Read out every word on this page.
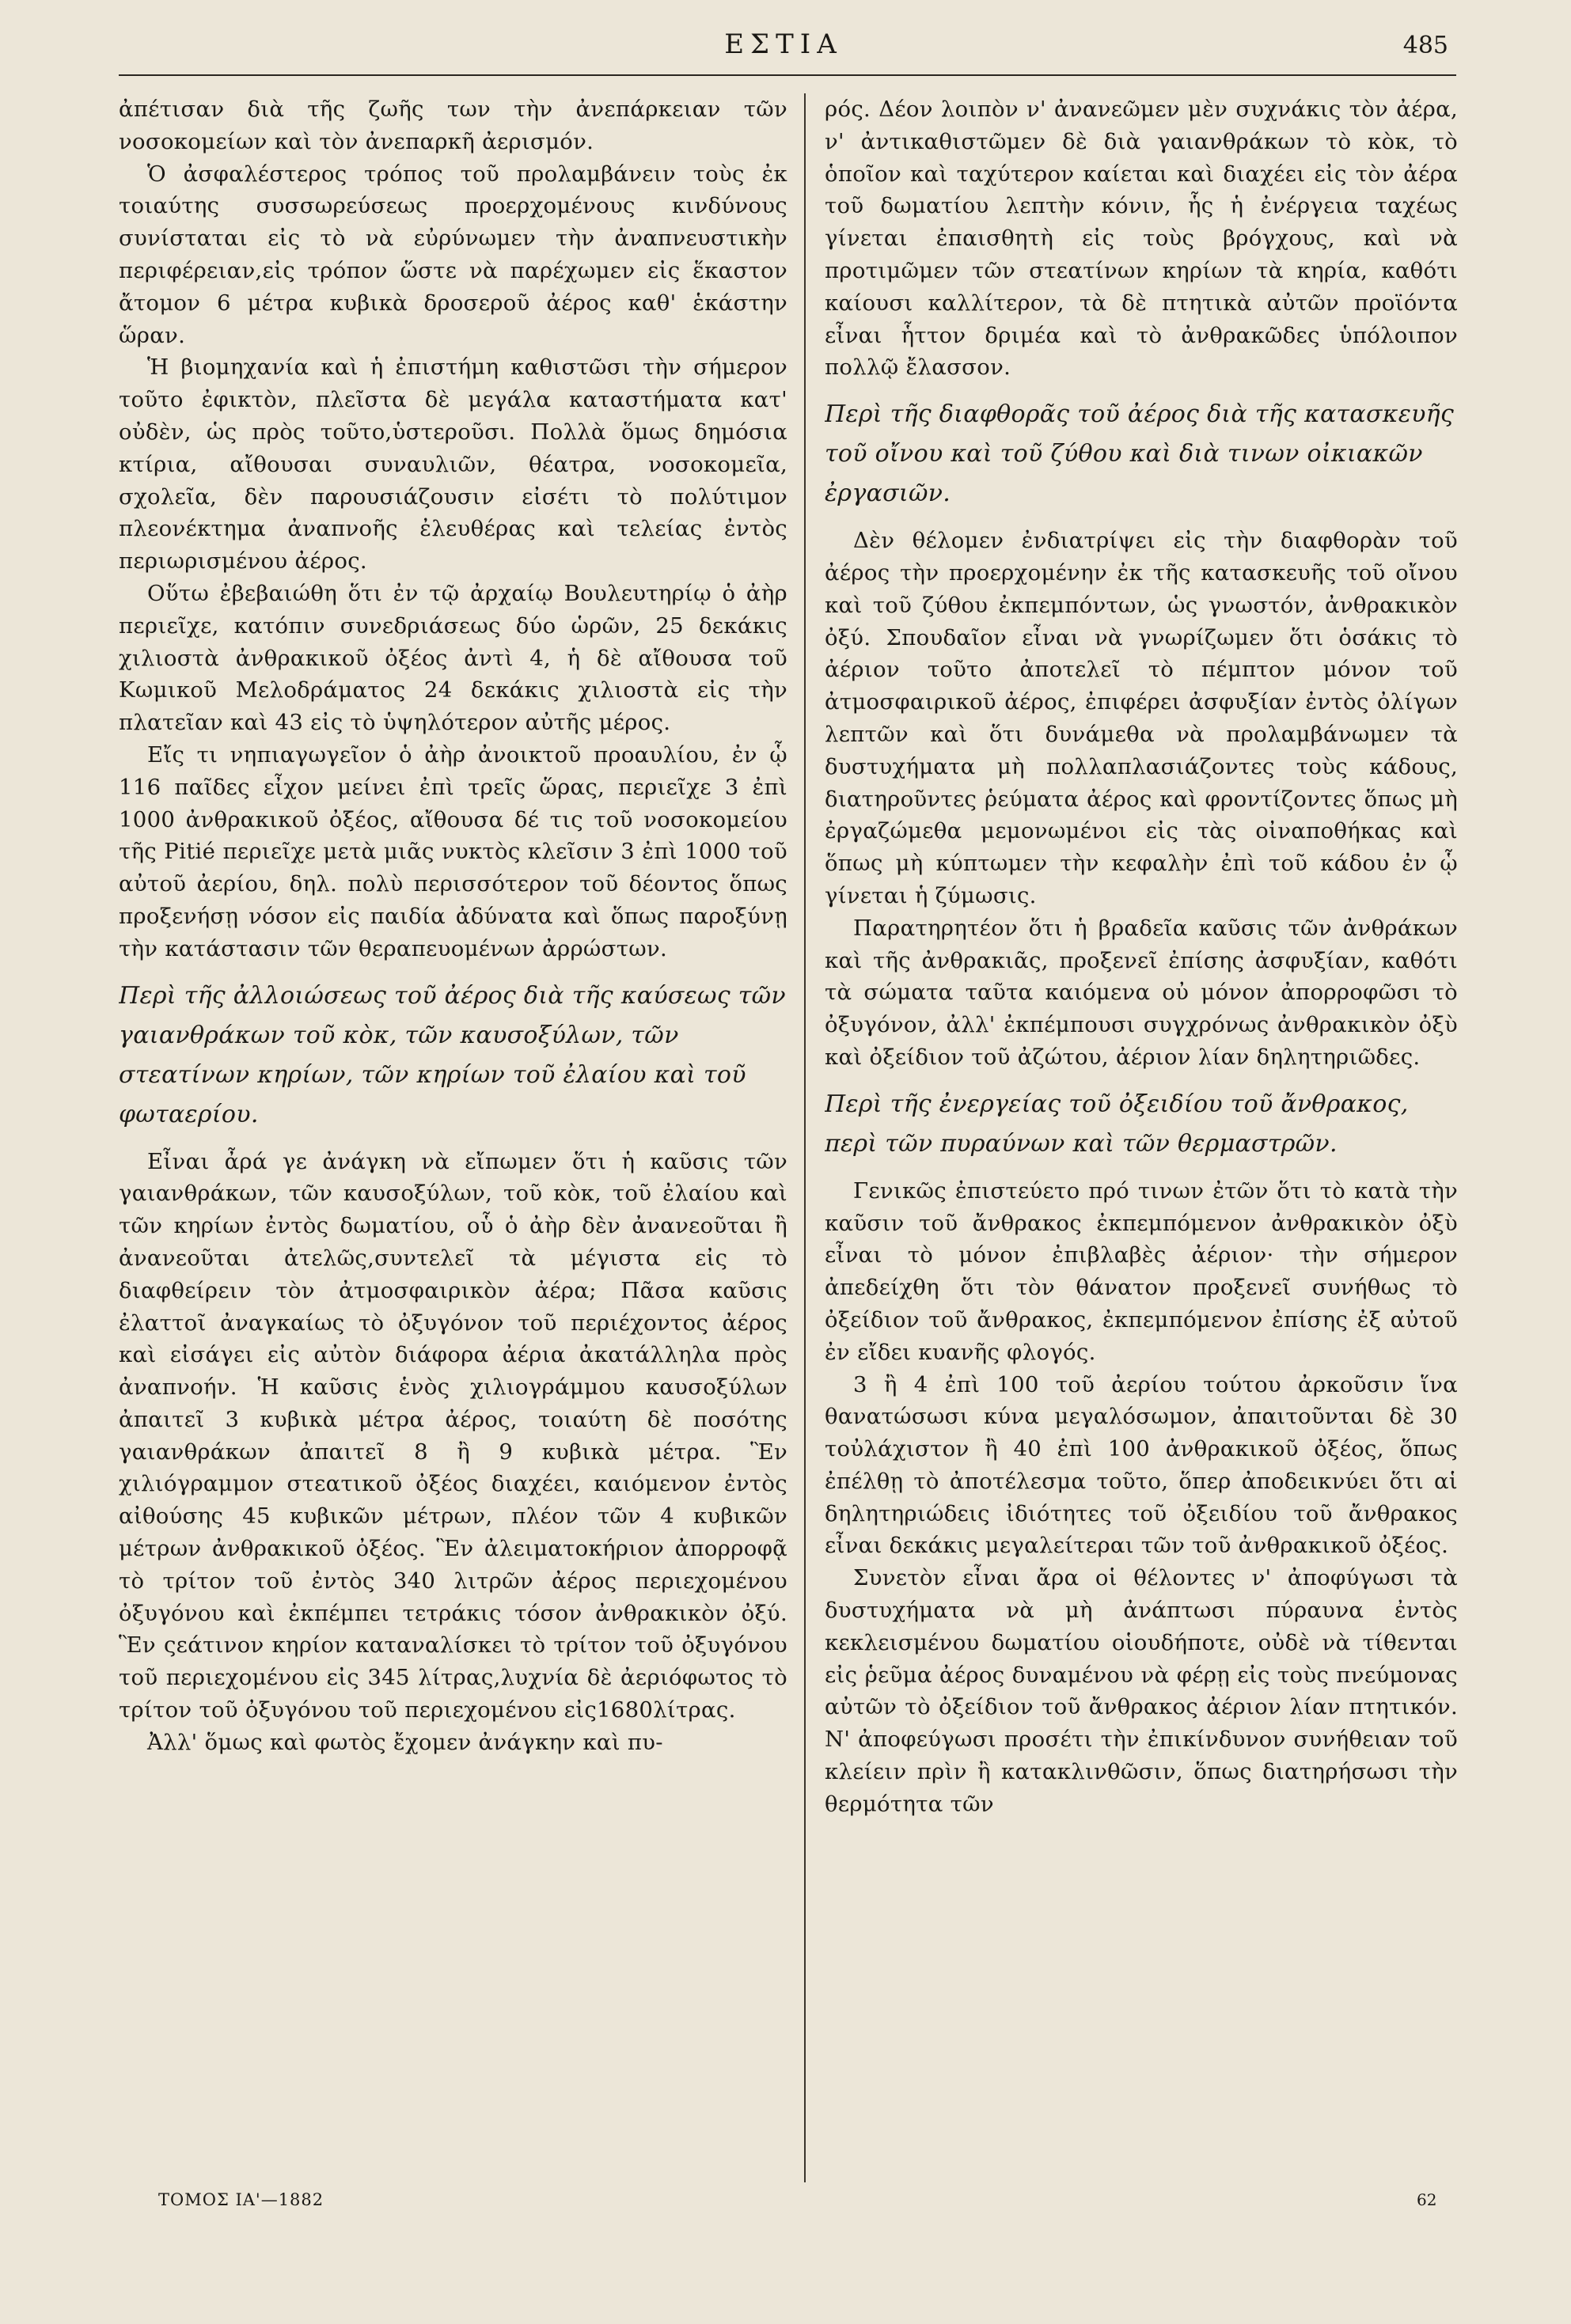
ΕΣΤΙΑ	485

ἀπέτισαν διὰ τῆς ζωῆς των τὴν ἀνεπάρκειαν τῶν νοσοκομείων καὶ τὸν ἀνεπαρκῆ ἀερισμόν.

Ὁ ἀσφαλέστερος τρόπος τοῦ προλαμβάνειν τοὺς ἐκ τοιαύτης συσσωρεύσεως προερχομένους κινδύνους συνίσταται εἰς τὸ νὰ εὐρύνωμεν τὴν ἀναπνευστικὴν περιφέρειαν,εἰς τρόπον ὥστε νὰ παρέχωμεν εἰς ἕκαστον ἄτομον 6 μέτρα κυβικὰ δροσεροῦ ἀέρος καθ' ἑκάστην ὥραν.

Ἡ βιομηχανία καὶ ἡ ἐπιστήμη καθιστῶσι τὴν σήμερον τοῦτο ἐφικτὸν, πλεῖστα δὲ μεγάλα καταστήματα κατ' οὐδὲν, ὡς πρὸς τοῦτο,ὑστεροῦσι. Πολλὰ ὅμως δημόσια κτίρια, αἴθουσαι συναυλιῶν, θέατρα, νοσοκομεῖα, σχολεῖα, δὲν παρουσιάζουσιν εἰσέτι τὸ πολύτιμον πλεονέκτημα ἀναπνοῆς ἐλευθέρας καὶ τελείας ἐντὸς περιωρισμένου ἀέρος.

Οὕτω ἐβεβαιώθη ὅτι ἐν τῷ ἀρχαίῳ Βουλευτηρίῳ ὁ ἀὴρ περιεῖχε, κατόπιν συνεδριάσεως δύο ὡρῶν, 25 δεκάκις χιλιοστὰ ἀνθρακικοῦ ὀξέος ἀντὶ 4, ἡ δὲ αἴθουσα τοῦ Κωμικοῦ Μελοδράματος 24 δεκάκις χιλιοστὰ εἰς τὴν πλατεῖαν καὶ 43 εἰς τὸ ὑψηλότερον αὐτῆς μέρος.

Εἴς τι νηπιαγωγεῖον ὁ ἀὴρ ἀνοικτοῦ προαυλίου, ἐν ᾧ 116 παῖδες εἶχον μείνει ἐπὶ τρεῖς ὥρας, περιεῖχε 3 ἐπὶ 1000 ἀνθρακικοῦ ὀξέος, αἴθουσα δέ τις τοῦ νοσοκομείου τῆς Pitié περιεῖχε μετὰ μιᾶς νυκτὸς κλεῖσιν 3 ἐπὶ 1000 τοῦ αὐτοῦ ἀερίου, δηλ. πολὺ περισσότερον τοῦ δέοντος ὅπως προξενήσῃ νόσον εἰς παιδία ἀδύνατα καὶ ὅπως παροξύνῃ τὴν κατάστασιν τῶν θεραπευομένων ἀρρώστων.

Περὶ τῆς ἀλλοιώσεως τοῦ ἀέρος διὰ τῆς καύσεως τῶν γαιανθράκων τοῦ κὸκ, τῶν καυσοξύλων, τῶν στεατίνων κηρίων, τῶν κηρίων τοῦ ἐλαίου καὶ τοῦ φωταερίου.

Εἶναι ἆρά γε ἀνάγκη νὰ εἴπωμεν ὅτι ἡ καῦσις τῶν γαιανθράκων, τῶν καυσοξύλων, τοῦ κὸκ, τοῦ ἐλαίου καὶ τῶν κηρίων ἐντὸς δωματίου, οὗ ὁ ἀὴρ δὲν ἀνανεοῦται ἢ ἀνανεοῦται ἀτελῶς,συντελεῖ τὰ μέγιστα εἰς τὸ διαφθείρειν τὸν ἀτμοσφαιρικὸν ἀέρα; Πᾶσα καῦσις ἐλαττοῖ ἀναγκαίως τὸ ὀξυγόνον τοῦ περιέχοντος ἀέρος καὶ εἰσάγει εἰς αὐτὸν διάφορα ἀέρια ἀκατάλληλα πρὸς ἀναπνοήν. Ἡ καῦσις ἑνὸς χιλιογράμμου καυσοξύλων ἀπαιτεῖ 3 κυβικὰ μέτρα ἀέρος, τοιαύτη δὲ ποσότης γαιανθράκων ἀπαιτεῖ 8 ἢ 9 κυβικὰ μέτρα. Ἓν χιλιόγραμμον στεατικοῦ ὀξέος διαχέει, καιόμενον ἐντὸς αἰθούσης 45 κυβικῶν μέτρων, πλέον τῶν 4 κυβικῶν μέτρων ἀνθρακικοῦ ὀξέος. Ἓν ἀλειματοκήριον ἀπορροφᾷ τὸ τρίτον τοῦ ἐντὸς 340 λιτρῶν ἀέρος περιεχομένου ὀξυγόνου καὶ ἐκπέμπει τετράκις τόσον ἀνθρακικὸν ὀξύ. Ἓν ςεάτινον κηρίον καταναλίσκει τὸ τρίτον τοῦ ὀξυγόνου τοῦ περιεχομένου εἰς 345 λίτρας,λυχνία δὲ ἀεριόφωτος τὸ τρίτον τοῦ ὀξυγόνου τοῦ περιεχομένου εἰς1680λίτρας.

Ἀλλ' ὅμως καὶ φωτὸς ἔχομεν ἀνάγκην καὶ πυ-

ρός. Δέον λοιπὸν ν' ἀνανεῶμεν μὲν συχνάκις τὸν ἀέρα, ν' ἀντικαθιστῶμεν δὲ διὰ γαιανθράκων τὸ κὸκ, τὸ ὁποῖον καὶ ταχύτερον καίεται καὶ διαχέει εἰς τὸν ἀέρα τοῦ δωματίου λεπτὴν κόνιν, ἧς ἡ ἐνέργεια ταχέως γίνεται ἐπαισθητὴ εἰς τοὺς βρόγχους, καὶ νὰ προτιμῶμεν τῶν στεατίνων κηρίων τὰ κηρία, καθότι καίουσι καλλίτερον, τὰ δὲ πτητικὰ αὐτῶν προϊόντα εἶναι ἧττον δριμέα καὶ τὸ ἀνθρακῶδες ὑπόλοιπον πολλῷ ἔλασσον.

Περὶ τῆς διαφθορᾶς τοῦ ἀέρος διὰ τῆς κατασκευῆς τοῦ οἴνου καὶ τοῦ ζύθου καὶ διὰ τινων οἰκιακῶν ἐργασιῶν.

Δὲν θέλομεν ἐνδιατρίψει εἰς τὴν διαφθορὰν τοῦ ἀέρος τὴν προερχομένην ἐκ τῆς κατασκευῆς τοῦ οἴνου καὶ τοῦ ζύθου ἐκπεμπόντων, ὡς γνωστόν, ἀνθρακικὸν ὀξύ. Σπουδαῖον εἶναι νὰ γνωρίζωμεν ὅτι ὁσάκις τὸ ἀέριον τοῦτο ἀποτελεῖ τὸ πέμπτον μόνον τοῦ ἀτμοσφαιρικοῦ ἀέρος, ἐπιφέρει ἀσφυξίαν ἐντὸς ὀλίγων λεπτῶν καὶ ὅτι δυνάμεθα νὰ προλαμβάνωμεν τὰ δυστυχήματα μὴ πολλαπλασιάζοντες τοὺς κάδους, διατηροῦντες ῥεύματα ἀέρος καὶ φροντίζοντες ὅπως μὴ ἐργαζώμεθα μεμονωμένοι εἰς τὰς οἰναποθήκας καὶ ὅπως μὴ κύπτωμεν τὴν κεφαλὴν ἐπὶ τοῦ κάδου ἐν ᾧ γίνεται ἡ ζύμωσις.

Παρατηρητέον ὅτι ἡ βραδεῖα καῦσις τῶν ἀνθράκων καὶ τῆς ἀνθρακιᾶς, προξενεῖ ἐπίσης ἀσφυξίαν, καθότι τὰ σώματα ταῦτα καιόμενα οὐ μόνον ἀπορροφῶσι τὸ ὀξυγόνον, ἀλλ' ἐκπέμπουσι συγχρόνως ἀνθρακικὸν ὀξὺ καὶ ὀξείδιον τοῦ ἀζώτου, ἀέριον λίαν δηλητηριῶδες.

Περὶ τῆς ἐνεργείας τοῦ ὀξειδίου τοῦ ἄνθρακος, περὶ τῶν πυραύνων καὶ τῶν θερμαστρῶν.

Γενικῶς ἐπιστεύετο πρό τινων ἐτῶν ὅτι τὸ κατὰ τὴν καῦσιν τοῦ ἄνθρακος ἐκπεμπόμενον ἀνθρακικὸν ὀξὺ εἶναι τὸ μόνον ἐπιβλαβὲς ἀέριον· τὴν σήμερον ἀπεδείχθη ὅτι τὸν θάνατον προξενεῖ συνήθως τὸ ὀξείδιον τοῦ ἄνθρακος, ἐκπεμπόμενον ἐπίσης ἐξ αὐτοῦ ἐν εἴδει κυανῆς φλογός.

3 ἢ 4 ἐπὶ 100 τοῦ ἀερίου τούτου ἀρκοῦσιν ἵνα θανατώσωσι κύνα μεγαλόσωμον, ἀπαιτοῦνται δὲ 30 τοὐλάχιστον ἢ 40 ἐπὶ 100 ἀνθρακικοῦ ὀξέος, ὅπως ἐπέλθῃ τὸ ἀποτέλεσμα τοῦτο, ὅπερ ἀποδεικνύει ὅτι αἱ δηλητηριώδεις ἰδιότητες τοῦ ὀξειδίου τοῦ ἄνθρακος εἶναι δεκάκις μεγαλείτεραι τῶν τοῦ ἀνθρακικοῦ ὀξέος.

Συνετὸν εἶναι ἄρα οἱ θέλοντες ν' ἀποφύγωσι τὰ δυστυχήματα νὰ μὴ ἀνάπτωσι πύραυνα ἐντὸς κεκλεισμένου δωματίου οἱουδήποτε, οὐδὲ νὰ τίθενται εἰς ῥεῦμα ἀέρος δυναμένου νὰ φέρῃ εἰς τοὺς πνεύμονας αὐτῶν τὸ ὀξείδιον τοῦ ἄνθρακος ἀέριον λίαν πτητικόν. Ν' ἀποφεύγωσι προσέτι τὴν ἐπικίνδυνον συνήθειαν τοῦ κλείειν πρὶν ἢ κατακλινθῶσιν, ὅπως διατηρήσωσι τὴν θερμότητα τῶν

ΤΟΜΟΣ ΙΑ'—1882	62
